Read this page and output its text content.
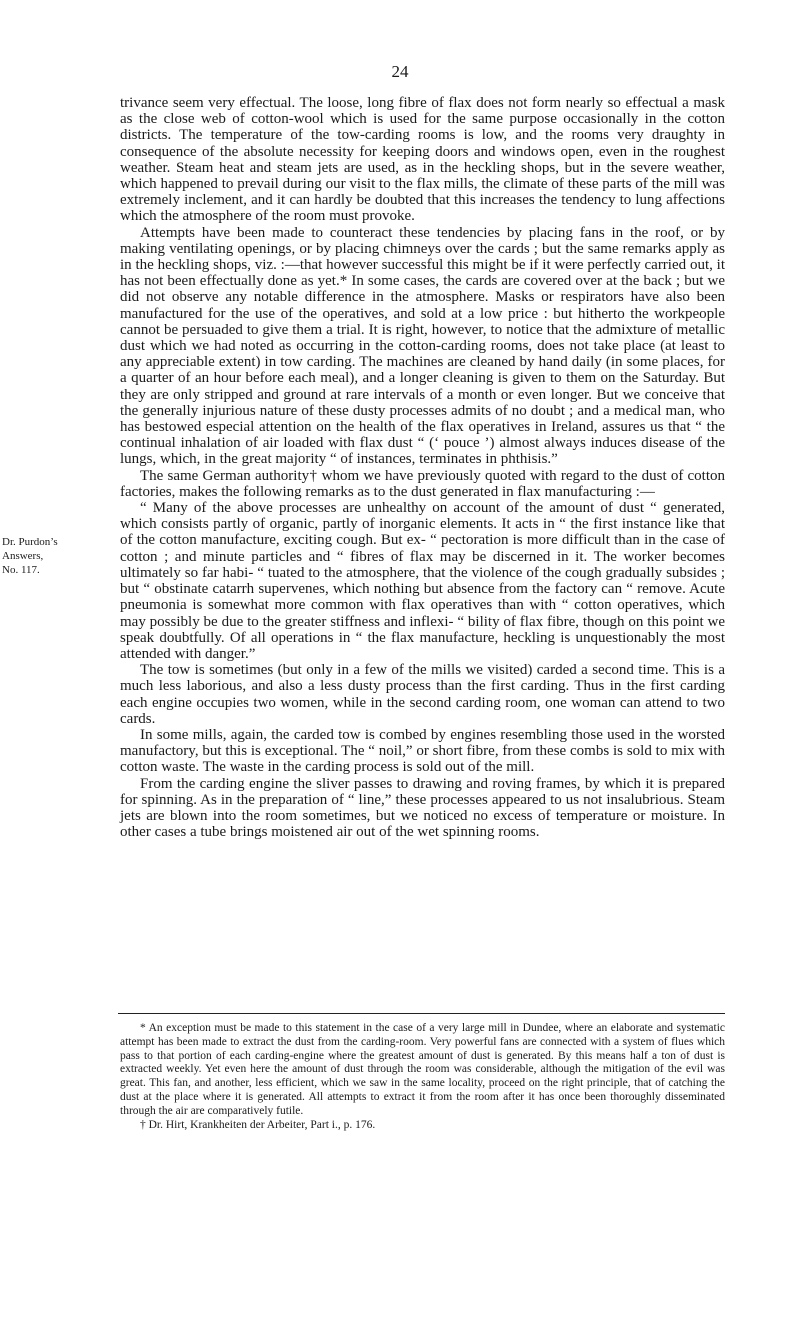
24
Dr. Purdon’s
Answers,
No. 117.

trivance seem very effectual. The loose, long fibre of flax does not form nearly so effectual a mask as the close web of cotton-wool which is used for the same purpose occasionally in the cotton districts. The temperature of the tow-carding rooms is low, and the rooms very draughty in consequence of the absolute necessity for keeping doors and windows open, even in the roughest weather. Steam heat and steam jets are used, as in the heckling shops, but in the severe weather, which happened to prevail during our visit to the flax mills, the climate of these parts of the mill was extremely inclement, and it can hardly be doubted that this increases the tendency to lung affections which the atmosphere of the room must provoke.

Attempts have been made to counteract these tendencies by placing fans in the roof, or by making ventilating openings, or by placing chimneys over the cards ; but the same remarks apply as in the heckling shops, viz. :—that however successful this might be if it were perfectly carried out, it has not been effectually done as yet.* In some cases, the cards are covered over at the back ; but we did not observe any notable difference in the atmosphere. Masks or respirators have also been manufactured for the use of the operatives, and sold at a low price : but hitherto the workpeople cannot be persuaded to give them a trial. It is right, however, to notice that the admixture of metallic dust which we had noted as occurring in the cotton-carding rooms, does not take place (at least to any appreciable extent) in tow carding. The machines are cleaned by hand daily (in some places, for a quarter of an hour before each meal), and a longer cleaning is given to them on the Saturday. But they are only stripped and ground at rare intervals of a month or even longer. But we conceive that the generally injurious nature of these dusty processes admits of no doubt ; and a medical man, who has bestowed especial attention on the health of the flax operatives in Ireland, assures us that “ the continual inhalation of air loaded with flax dust “ (‘ pouce ’) almost always induces disease of the lungs, which, in the great majority “ of instances, terminates in phthisis.”

The same German authority† whom we have previously quoted with regard to the dust of cotton factories, makes the following remarks as to the dust generated in flax manufacturing :—

“ Many of the above processes are unhealthy on account of the amount of dust “ generated, which consists partly of organic, partly of inorganic elements. It acts in “ the first instance like that of the cotton manufacture, exciting cough. But ex- “ pectoration is more difficult than in the case of cotton ; and minute particles and “ fibres of flax may be discerned in it. The worker becomes ultimately so far habi- “ tuated to the atmosphere, that the violence of the cough gradually subsides ; but “ obstinate catarrh supervenes, which nothing but absence from the factory can “ remove. Acute pneumonia is somewhat more common with flax operatives than with “ cotton operatives, which may possibly be due to the greater stiffness and inflexi- “ bility of flax fibre, though on this point we speak doubtfully. Of all operations in “ the flax manufacture, heckling is unquestionably the most attended with danger.”

The tow is sometimes (but only in a few of the mills we visited) carded a second time. This is a much less laborious, and also a less dusty process than the first carding. Thus in the first carding each engine occupies two women, while in the second carding room, one woman can attend to two cards.

In some mills, again, the carded tow is combed by engines resembling those used in the worsted manufactory, but this is exceptional. The “ noil,” or short fibre, from these combs is sold to mix with cotton waste. The waste in the carding process is sold out of the mill.

From the carding engine the sliver passes to drawing and roving frames, by which it is prepared for spinning. As in the preparation of “ line,” these processes appeared to us not insalubrious. Steam jets are blown into the room sometimes, but we noticed no excess of temperature or moisture. In other cases a tube brings moistened air out of the wet spinning rooms.

* An exception must be made to this statement in the case of a very large mill in Dundee, where an elaborate and systematic attempt has been made to extract the dust from the carding-room. Very powerful fans are connected with a system of flues which pass to that portion of each carding-engine where the greatest amount of dust is generated. By this means half a ton of dust is extracted weekly. Yet even here the amount of dust through the room was considerable, although the mitigation of the evil was great. This fan, and another, less efficient, which we saw in the same locality, proceed on the right principle, that of catching the dust at the place where it is generated. All attempts to extract it from the room after it has once been thoroughly disseminated through the air are comparatively futile.

† Dr. Hirt, Krankheiten der Arbeiter, Part i., p. 176.
